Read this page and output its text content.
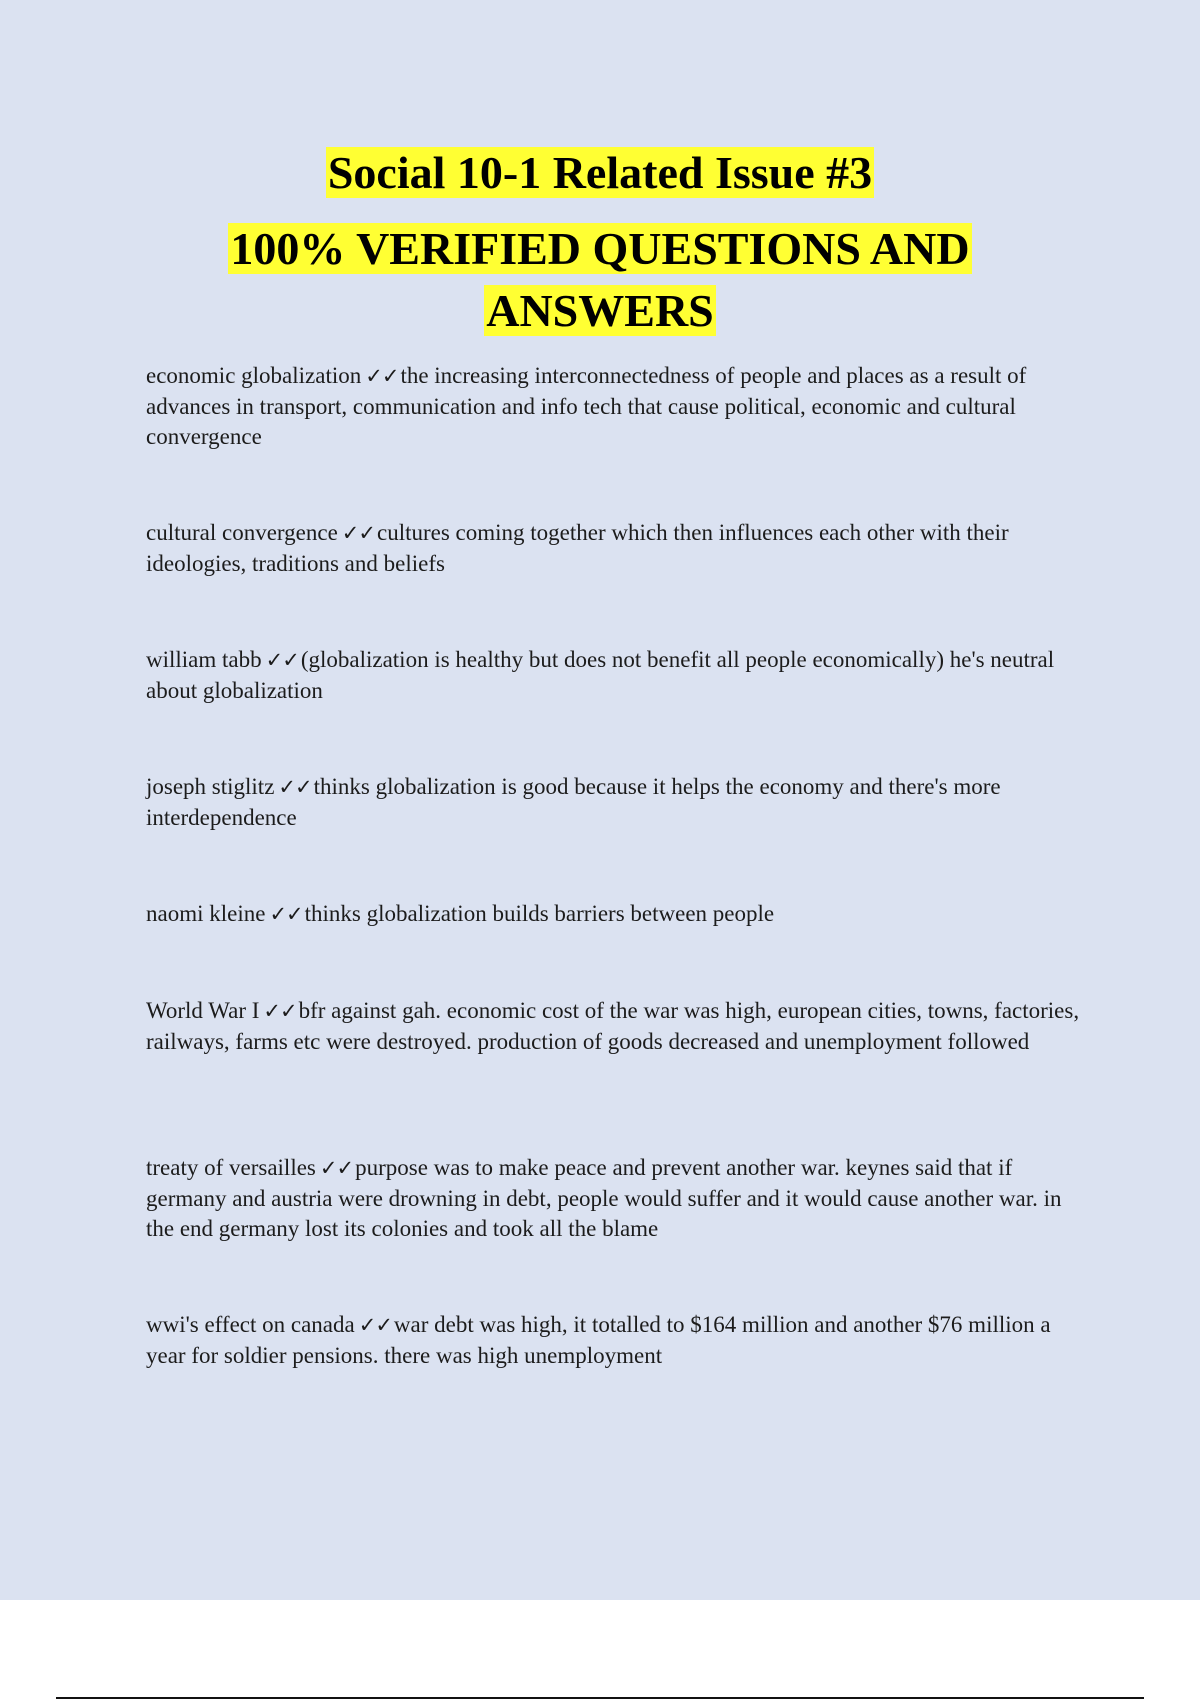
Social 10-1 Related Issue #3
100% VERIFIED QUESTIONS AND
ANSWERS

economic globalization ✓✓the increasing interconnectedness of people and places as a result of advances in transport, communication and info tech that cause political, economic and cultural convergence

cultural convergence ✓✓cultures coming together which then influences each other with their ideologies, traditions and beliefs

william tabb ✓✓(globalization is healthy but does not benefit all people economically) he's neutral about globalization

joseph stiglitz ✓✓thinks globalization is good because it helps the economy and there's more interdependence

naomi kleine ✓✓thinks globalization builds barriers between people

World War I ✓✓bfr against gah. economic cost of the war was high, european cities, towns, factories, railways, farms etc were destroyed. production of goods decreased and unemployment followed

treaty of versailles ✓✓purpose was to make peace and prevent another war. keynes said that if germany and austria were drowning in debt, people would suffer and it would cause another war. in the end germany lost its colonies and took all the blame

wwi's effect on canada ✓✓war debt was high, it totalled to $164 million and another $76 million a year for soldier pensions. there was high unemployment
